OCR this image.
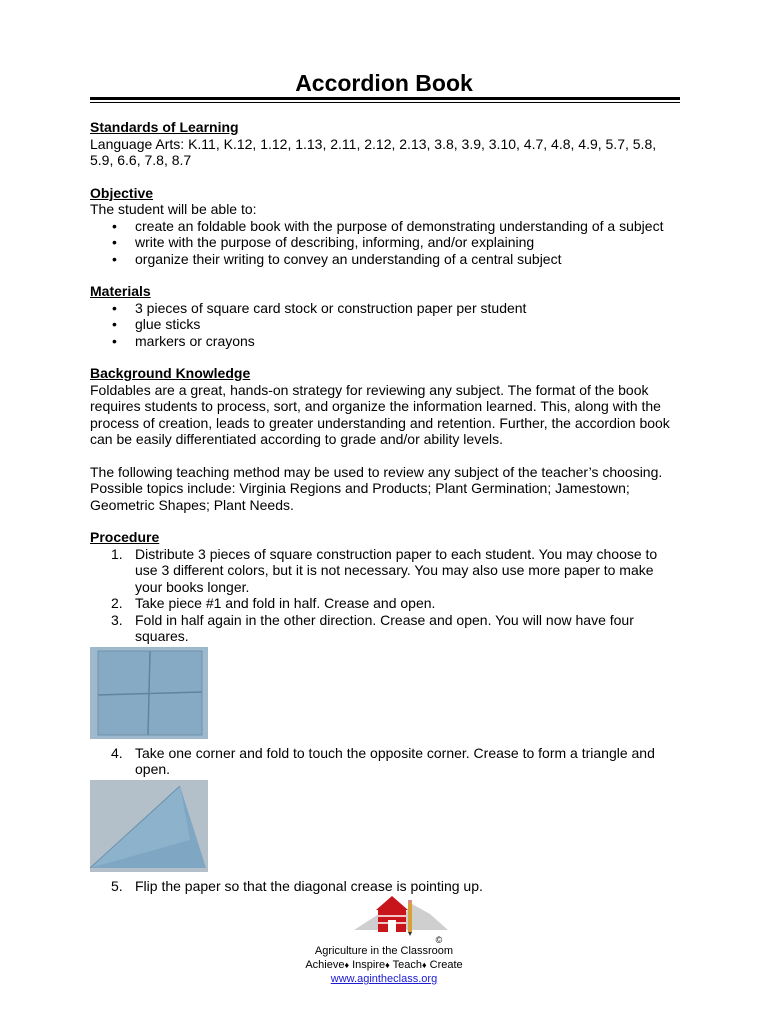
Accordion Book
Standards of Learning

Language Arts: K.11, K.12, 1.12, 1.13, 2.11, 2.12, 2.13, 3.8, 3.9, 3.10, 4.7, 4.8, 4.9, 5.7, 5.8, 5.9, 6.6, 7.8, 8.7

Objective

The student will be able to:

• create an foldable book with the purpose of demonstrating understanding of a subject
• write with the purpose of describing, informing, and/or explaining
• organize their writing to convey an understanding of a central subject
Materials
• 3 pieces of square card stock or construction paper per student
• glue sticks
• markers or crayons
Background Knowledge

Foldables are a great, hands-on strategy for reviewing any subject. The format of the book requires students to process, sort, and organize the information learned. This, along with the process of creation, leads to greater understanding and retention. Further, the accordion book can be easily differentiated according to grade and/or ability levels.

The following teaching method may be used to review any subject of the teacher’s choosing. Possible topics include: Virginia Regions and Products; Plant Germination; Jamestown; Geometric Shapes; Plant Needs.

Procedure
1. Distribute 3 pieces of square construction paper to each student. You may choose to use 3 different colors, but it is not necessary. You may also use more paper to make your books longer.
2. Take piece #1 and fold in half. Crease and open.
3. Fold in half again in the other direction. Crease and open. You will now have four squares.
4. Take one corner and fold to touch the opposite corner. Crease to form a triangle and open.
5. Flip the paper so that the diagonal crease is pointing up.
©
Agriculture in the Classroom
Achieve♦ Inspire♦ Teach♦ Create
www.agintheclass.org
